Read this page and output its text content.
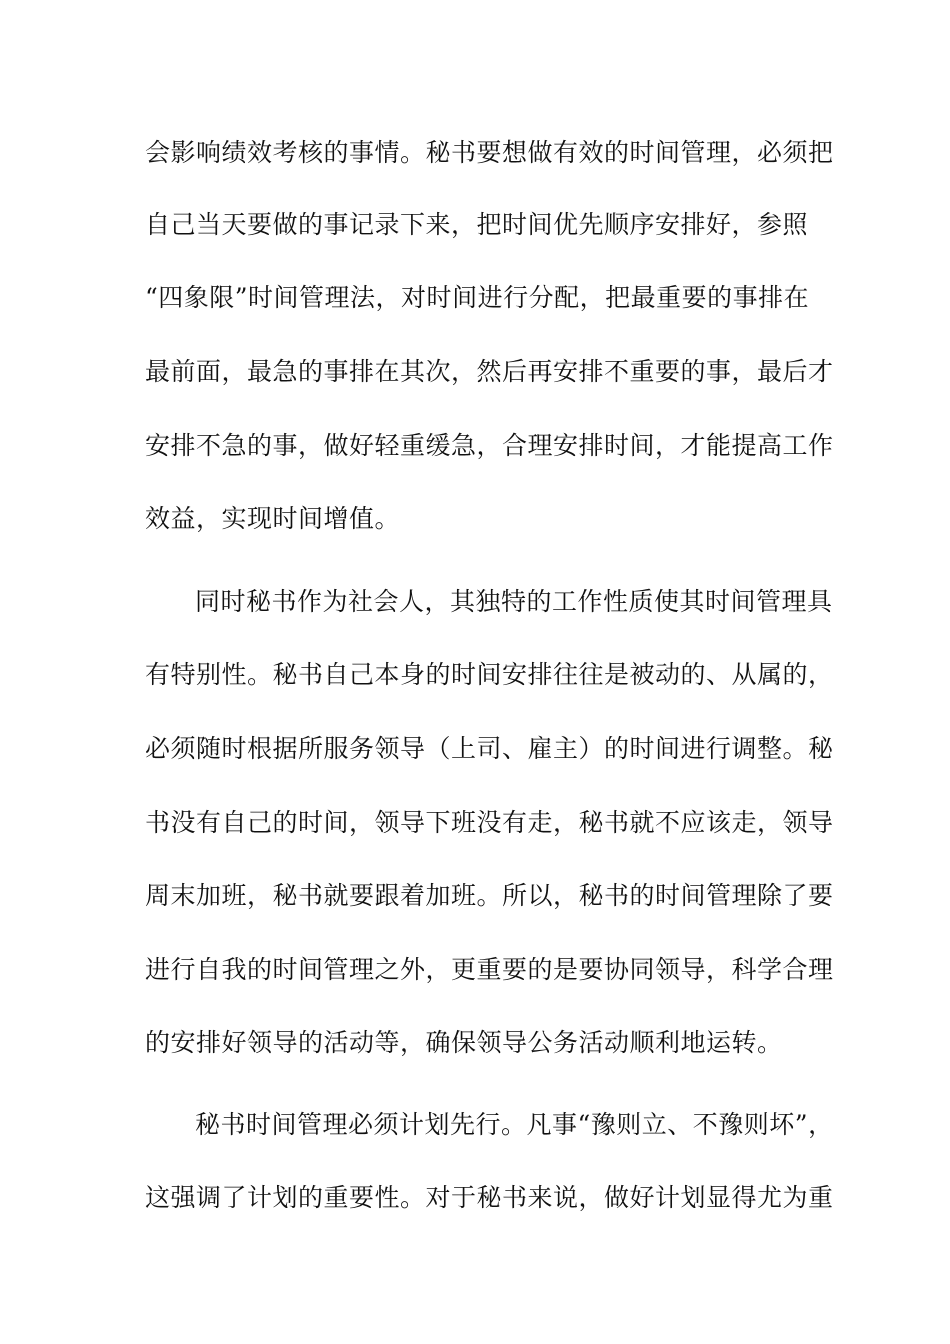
会影响绩效考核的事情。秘书要想做有效的时间管理，必须把
自己当天要做的事记录下来，把时间优先顺序安排好，参照
“四象限”时间管理法，对时间进行分配，把最重要的事排在
最前面，最急的事排在其次，然后再安排不重要的事，最后才
安排不急的事，做好轻重缓急，合理安排时间，才能提高工作
效益，实现时间增值。
同时秘书作为社会人，其独特的工作性质使其时间管理具
有特别性。秘书自己本身的时间安排往往是被动的、从属的，
必须随时根据所服务领导（上司、雇主）的时间进行调整。秘
书没有自己的时间，领导下班没有走，秘书就不应该走，领导
周末加班，秘书就要跟着加班。所以，秘书的时间管理除了要
进行自我的时间管理之外，更重要的是要协同领导，科学合理
的安排好领导的活动等，确保领导公务活动顺利地运转。
秘书时间管理必须计划先行。凡事“豫则立、不豫则坏”，
这强调了计划的重要性。对于秘书来说，做好计划显得尤为重
